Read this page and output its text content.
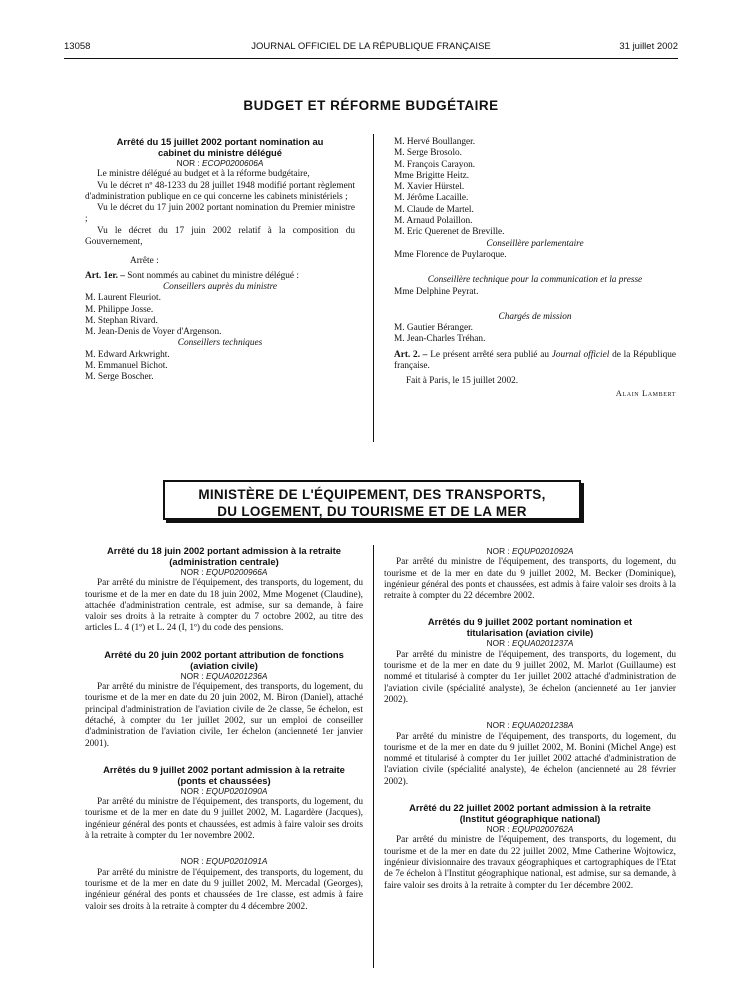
13058	JOURNAL OFFICIEL DE LA RÉPUBLIQUE FRANÇAISE	31 juillet 2002
BUDGET ET RÉFORME BUDGÉTAIRE

Arrêté du 15 juillet 2002 portant nomination au cabinet du ministre délégué

NOR : ECOP0200606A

Le ministre délégué au budget et à la réforme budgétaire,

Vu le décret nº 48-1233 du 28 juillet 1948 modifié portant règlement d'administration publique en ce qui concerne les cabinets ministériels ;

Vu le décret du 17 juin 2002 portant nomination du Premier ministre ;

Vu le décret du 17 juin 2002 relatif à la composition du Gouvernement,

Arrête :

Art. 1er. – Sont nommés au cabinet du ministre délégué :

Conseillers auprès du ministre

M. Laurent Fleuriot.

M. Philippe Josse.

M. Stephan Rivard.

M. Jean-Denis de Voyer d'Argenson.

Conseillers techniques

M. Edward Arkwright.

M. Emmanuel Bichot.

M. Serge Boscher.

M. Hervé Boullanger.

M. Serge Brosolo.

M. François Carayon.

Mme Brigitte Heitz.

M. Xavier Hürstel.

M. Jérôme Lacaille.

M. Claude de Martel.

M. Arnaud Polaillon.

M. Eric Querenet de Breville.

Conseillère parlementaire

Mme Florence de Puylaroque.

Conseillère technique pour la communication et la presse

Mme Delphine Peyrat.

Chargés de mission

M. Gautier Béranger.

M. Jean-Charles Tréhan.

Art. 2. – Le présent arrêté sera publié au Journal officiel de la République française.

Fait à Paris, le 15 juillet 2002.

Alain Lambert

MINISTÈRE DE L'ÉQUIPEMENT, DES TRANSPORTS,
DU LOGEMENT, DU TOURISME ET DE LA MER

Arrêté du 18 juin 2002 portant admission à la retraite (administration centrale)

NOR : EQUP0200966A

Par arrêté du ministre de l'équipement, des transports, du logement, du tourisme et de la mer en date du 18 juin 2002, Mme Mogenet (Claudine), attachée d'administration centrale, est admise, sur sa demande, à faire valoir ses droits à la retraite à compter du 7 octobre 2002, au titre des articles L. 4 (1º) et L. 24 (I, 1º) du code des pensions.

Arrêté du 20 juin 2002 portant attribution de fonctions (aviation civile)

NOR : EQUA0201236A

Par arrêté du ministre de l'équipement, des transports, du logement, du tourisme et de la mer en date du 20 juin 2002, M. Biron (Daniel), attaché principal d'administration de l'aviation civile de 2e classe, 5e échelon, est détaché, à compter du 1er juillet 2002, sur un emploi de conseiller d'administration de l'aviation civile, 1er échelon (ancienneté 1er janvier 2001).

Arrêtés du 9 juillet 2002 portant admission à la retraite (ponts et chaussées)

NOR : EQUP0201090A

Par arrêté du ministre de l'équipement, des transports, du logement, du tourisme et de la mer en date du 9 juillet 2002, M. Lagardère (Jacques), ingénieur général des ponts et chaussées, est admis à faire valoir ses droits à la retraite à compter du 1er novembre 2002.

NOR : EQUP0201091A

Par arrêté du ministre de l'équipement, des transports, du logement, du tourisme et de la mer en date du 9 juillet 2002, M. Mercadal (Georges), ingénieur général des ponts et chaussées de 1re classe, est admis à faire valoir ses droits à la retraite à compter du 4 décembre 2002.

NOR : EQUP0201092A

Par arrêté du ministre de l'équipement, des transports, du logement, du tourisme et de la mer en date du 9 juillet 2002, M. Becker (Dominique), ingénieur général des ponts et chaussées, est admis à faire valoir ses droits à la retraite à compter du 22 décembre 2002.

Arrêtés du 9 juillet 2002 portant nomination et titularisation (aviation civile)

NOR : EQUA0201237A

Par arrêté du ministre de l'équipement, des transports, du logement, du tourisme et de la mer en date du 9 juillet 2002, M. Marlot (Guillaume) est nommé et titularisé à compter du 1er juillet 2002 attaché d'administration de l'aviation civile (spécialité analyste), 3e échelon (ancienneté au 1er janvier 2002).

NOR : EQUA0201238A

Par arrêté du ministre de l'équipement, des transports, du logement, du tourisme et de la mer en date du 9 juillet 2002, M. Bonini (Michel Ange) est nommé et titularisé à compter du 1er juillet 2002 attaché d'administration de l'aviation civile (spécialité analyste), 4e échelon (ancienneté au 28 février 2002).

Arrêté du 22 juillet 2002 portant admission à la retraite (Institut géographique national)

NOR : EQUP0200762A

Par arrêté du ministre de l'équipement, des transports, du logement, du tourisme et de la mer en date du 22 juillet 2002, Mme Catherine Wojtowicz, ingénieur divisionnaire des travaux géographiques et cartographiques de l'Etat de 7e échelon à l'Institut géographique national, est admise, sur sa demande, à faire valoir ses droits à la retraite à compter du 1er décembre 2002.
